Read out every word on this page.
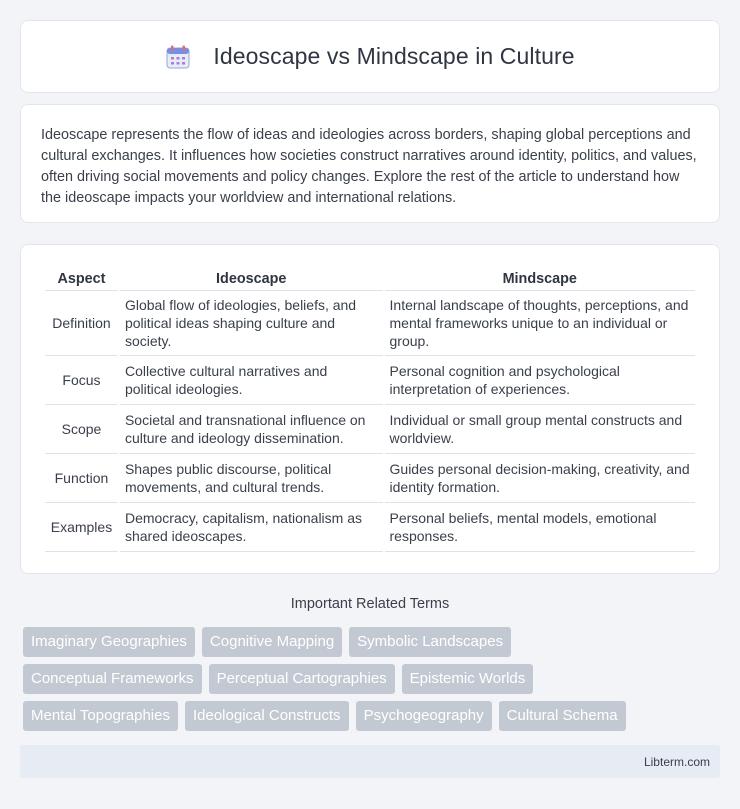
Ideoscape vs Mindscape in Culture

Ideoscape represents the flow of ideas and ideologies across borders, shaping global perceptions and cultural exchanges. It influences how societies construct narratives around identity, politics, and values, often driving social movements and policy changes. Explore the rest of the article to understand how the ideoscape impacts your worldview and international relations.

Aspect	Ideoscape	Mindscape
Definition	Global flow of ideologies, beliefs, and political ideas shaping culture and society.	Internal landscape of thoughts, perceptions, and mental frameworks unique to an individual or group.
Focus	Collective cultural narratives and political ideologies.	Personal cognition and psychological interpretation of experiences.
Scope	Societal and transnational influence on culture and ideology dissemination.	Individual or small group mental constructs and worldview.
Function	Shapes public discourse, political movements, and cultural trends.	Guides personal decision-making, creativity, and identity formation.
Examples	Democracy, capitalism, nationalism as shared ideoscapes.	Personal beliefs, mental models, emotional responses.
Important Related Terms
Imaginary Geographies	Cognitive Mapping	Symbolic Landscapes
Conceptual Frameworks	Perceptual Cartographies	Epistemic Worlds
Mental Topographies	Ideological Constructs	Psychogeography	Cultural Schema
Libterm.com
